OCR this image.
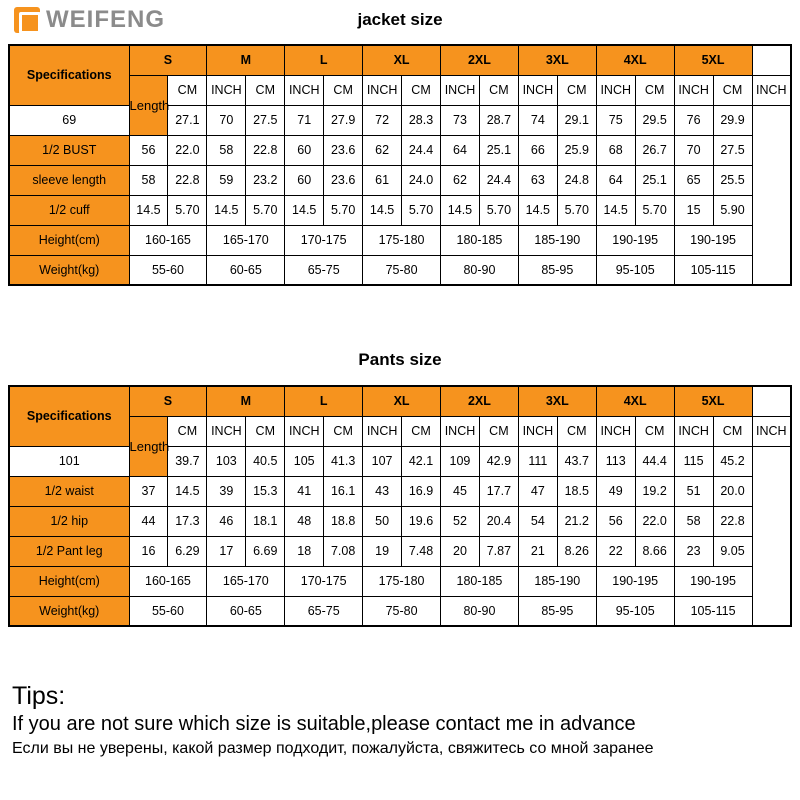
WEIFENG	jacket size
Specifications	S		M		L		XL		2XL		3XL		4XL		5XL		
	Length	CM	INCH	CM	INCH	CM	INCH	CM	INCH	CM	INCH	CM	INCH	CM	INCH	CM	INCH
69		27.1	70	27.5	71	27.9	72	28.3	73	28.7	74	29.1	75	29.5	76	29.9	
1/2 BUST	56	22.0	58	22.8	60	23.6	62	24.4	64	25.1	66	25.9	68	26.7	70	27.5	
sleeve length	58	22.8	59	23.2	60	23.6	61	24.0	62	24.4	63	24.8	64	25.1	65	25.5	
1/2 cuff	14.5	5.70	14.5	5.70	14.5	5.70	14.5	5.70	14.5	5.70	14.5	5.70	14.5	5.70	15	5.90	
Height(cm)	160-165		165-170		170-175		175-180		180-185		185-190		190-195		190-195		
Weight(kg)	55-60		60-65		65-75		75-80		80-90		85-95		95-105		105-115		
Pants size
Specifications	S		M		L		XL		2XL		3XL		4XL		5XL		
	Length	CM	INCH	CM	INCH	CM	INCH	CM	INCH	CM	INCH	CM	INCH	CM	INCH	CM	INCH
101		39.7	103	40.5	105	41.3	107	42.1	109	42.9	111	43.7	113	44.4	115	45.2	
1/2 waist	37	14.5	39	15.3	41	16.1	43	16.9	45	17.7	47	18.5	49	19.2	51	20.0	
1/2 hip	44	17.3	46	18.1	48	18.8	50	19.6	52	20.4	54	21.2	56	22.0	58	22.8	
1/2 Pant leg	16	6.29	17	6.69	18	7.08	19	7.48	20	7.87	21	8.26	22	8.66	23	9.05	
Height(cm)	160-165		165-170		170-175		175-180		180-185		185-190		190-195		190-195		
Weight(kg)	55-60		60-65		65-75		75-80		80-90		85-95		95-105		105-115		
Tips:
If you are not sure which size is suitable,please contact me in advance
Если вы не уверены, какой размер подходит, пожалуйста, свяжитесь со мной заранее
